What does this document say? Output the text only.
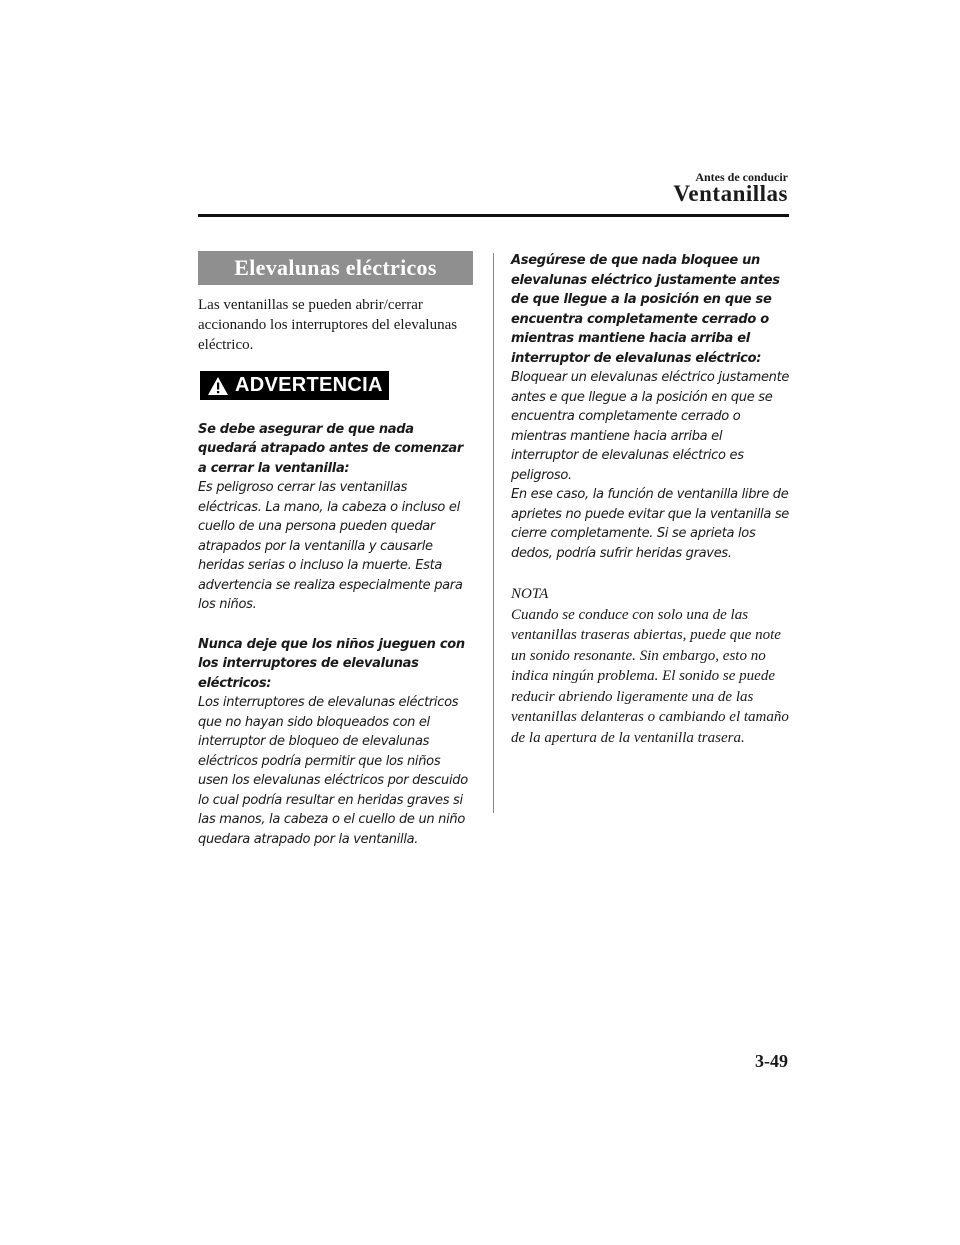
Antes de conducir
Ventanillas
Elevalunas eléctricos
Las ventanillas se pueden abrir/cerrar accionando los interruptores del elevalunas eléctrico.
ADVERTENCIA
Se debe asegurar de que nada quedará atrapado antes de comenzar a cerrar la ventanilla:
Es peligroso cerrar las ventanillas eléctricas. La mano, la cabeza o incluso el cuello de una persona pueden quedar atrapados por la ventanilla y causarle heridas serias o incluso la muerte. Esta advertencia se realiza especialmente para los niños.
Nunca deje que los niños jueguen con los interruptores de elevalunas eléctricos:
Los interruptores de elevalunas eléctricos que no hayan sido bloqueados con el interruptor de bloqueo de elevalunas eléctricos podría permitir que los niños usen los elevalunas eléctricos por descuido lo cual podría resultar en heridas graves si las manos, la cabeza o el cuello de un niño quedara atrapado por la ventanilla.
Asegúrese de que nada bloquee un elevalunas eléctrico justamente antes de que llegue a la posición en que se encuentra completamente cerrado o mientras mantiene hacia arriba el interruptor de elevalunas eléctrico:
Bloquear un elevalunas eléctrico justamente antes e que llegue a la posición en que se encuentra completamente cerrado o mientras mantiene hacia arriba el interruptor de elevalunas eléctrico es peligroso.
En ese caso, la función de ventanilla libre de aprietes no puede evitar que la ventanilla se cierre completamente. Si se aprieta los dedos, podría sufrir heridas graves.
NOTA
Cuando se conduce con solo una de las ventanillas traseras abiertas, puede que note un sonido resonante. Sin embargo, esto no indica ningún problema. El sonido se puede reducir abriendo ligeramente una de las ventanillas delanteras o cambiando el tamaño de la apertura de la ventanilla trasera.
3-49
